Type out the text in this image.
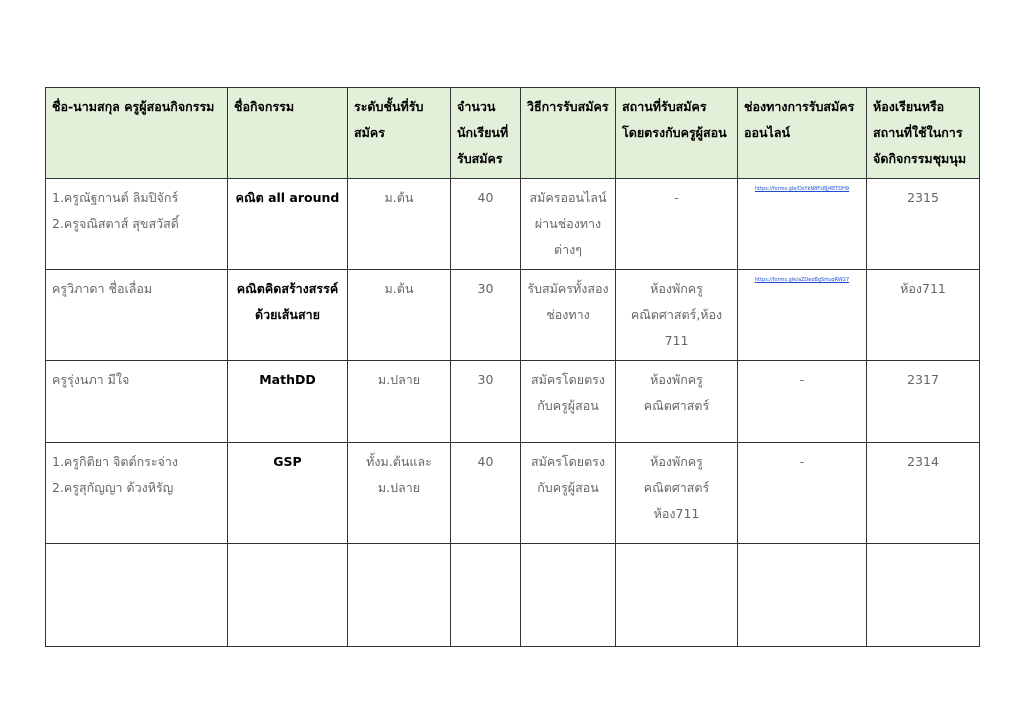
ชื่อ-นามสกุล ครูผู้สอนกิจกรรม	ชื่อกิจกรรม	ระดับชั้นที่รับสมัคร	จำนวนนักเรียนที่รับสมัคร	วิธีการรับสมัคร	สถานที่รับสมัครโดยตรงกับครูผู้สอน	ช่องทางการรับสมัครออนไลน์	ห้องเรียนหรือสถานที่ใช้ในการจัดกิจกรรมชุมนุม

1.ครูณัฐกานต์ ลิมปิจักร์
2.ครูจณิสตาส์ สุขสวัสดิ์	คณิต all around	ม.ต้น	40	สมัครออนไลน์ผ่านช่องทางต่างๆ	-	https://forms.gle/DsYkN8Fs8JJ4ETDH9	2315

ครูวิภาดา ชื่อเลื่อม	คณิตคิดสร้างสรรค์
ด้วยเส้นสาย	ม.ต้น	30	รับสมัครทั้งสองช่องทาง	ห้องพักครูคณิตศาสตร์,ห้อง 711	https://forms.gle/aZDeoBgSrtuqRW27	ห้อง711

ครูรุ่งนภา มีใจ	MathDD	ม.ปลาย	30	สมัครโดยตรงกับครูผู้สอน	ห้องพักครูคณิตศาสตร์	-	2317

1.ครูกิติยา จิตต์กระจ่าง
2.ครูสุกัญญา ด้วงหิรัญ	GSP	ทั้งม.ต้นและม.ปลาย	40	สมัครโดยตรงกับครูผู้สอน	ห้องพักครูคณิตศาสตร์ ห้อง711	-	2314
